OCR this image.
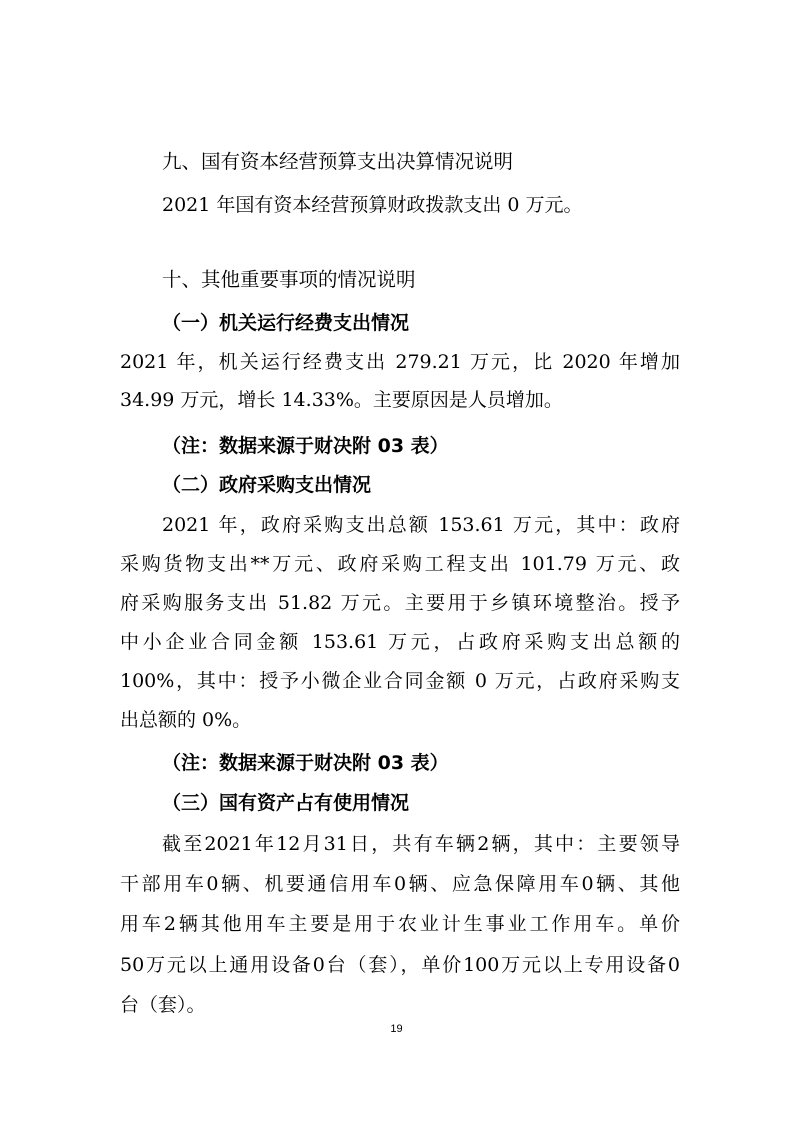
九、国有资本经营预算支出决算情况说明
2021 年国有资本经营预算财政拨款支出 0 万元。
十、其他重要事项的情况说明
（一）机关运行经费支出情况
2021 年，机关运行经费支出 279.21 万元，比 2020 年增加
34.99 万元，增长 14.33%。主要原因是人员增加。
（注：数据来源于财决附 03 表）
（二）政府采购支出情况
2021 年，政府采购支出总额 153.61 万元，其中：政府
采购货物支出**万元、政府采购工程支出 101.79 万元、政
府采购服务支出 51.82 万元。主要用于乡镇环境整治。授予
中小企业合同金额 153.61 万元，占政府采购支出总额的
100%，其中：授予小微企业合同金额 0 万元，占政府采购支
出总额的 0%。
（注：数据来源于财决附 03 表）
（三）国有资产占有使用情况
截至2021年12月31日，共有车辆2辆，其中：主要领导
干部用车0辆、机要通信用车0辆、应急保障用车0辆、其他
用车2辆其他用车主要是用于农业计生事业工作用车。单价
50万元以上通用设备0台（套），单价100万元以上专用设备0
台（套）。
19
